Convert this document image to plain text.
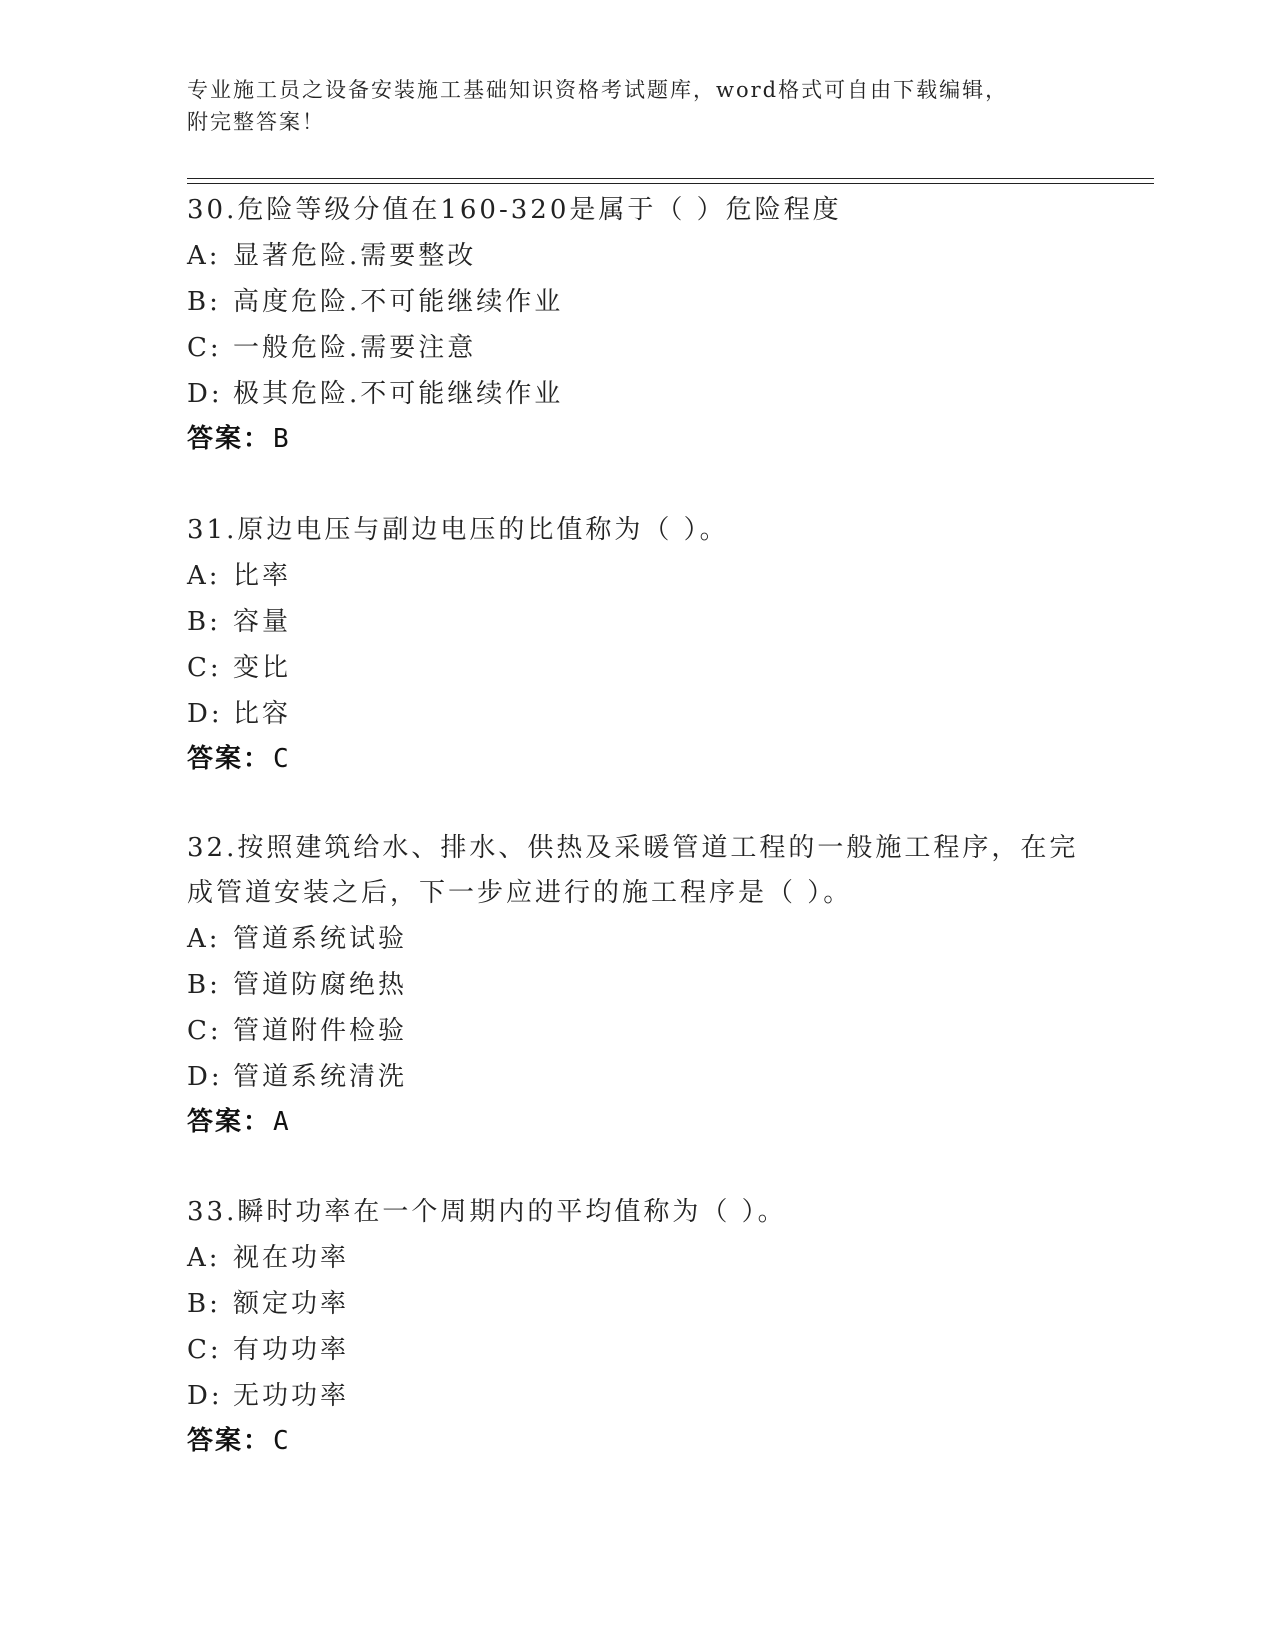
专业施工员之设备安装施工基础知识资格考试题库，word格式可自由下载编辑，
附完整答案！

30.危险等级分值在160-320是属于（ ）危险程度

A: 显著危险.需要整改

B: 高度危险.不可能继续作业

C: 一般危险.需要注意

D: 极其危险.不可能继续作业

答案：B

31.原边电压与副边电压的比值称为（ ）。

A: 比率

B: 容量

C: 变比

D: 比容

答案：C

32.按照建筑给水、排水、供热及采暖管道工程的一般施工程序，在完

成管道安装之后，下一步应进行的施工程序是（ ）。

A: 管道系统试验

B: 管道防腐绝热

C: 管道附件检验

D: 管道系统清洗

答案：A

33.瞬时功率在一个周期内的平均值称为（ ）。

A: 视在功率

B: 额定功率

C: 有功功率

D: 无功功率

答案：C
